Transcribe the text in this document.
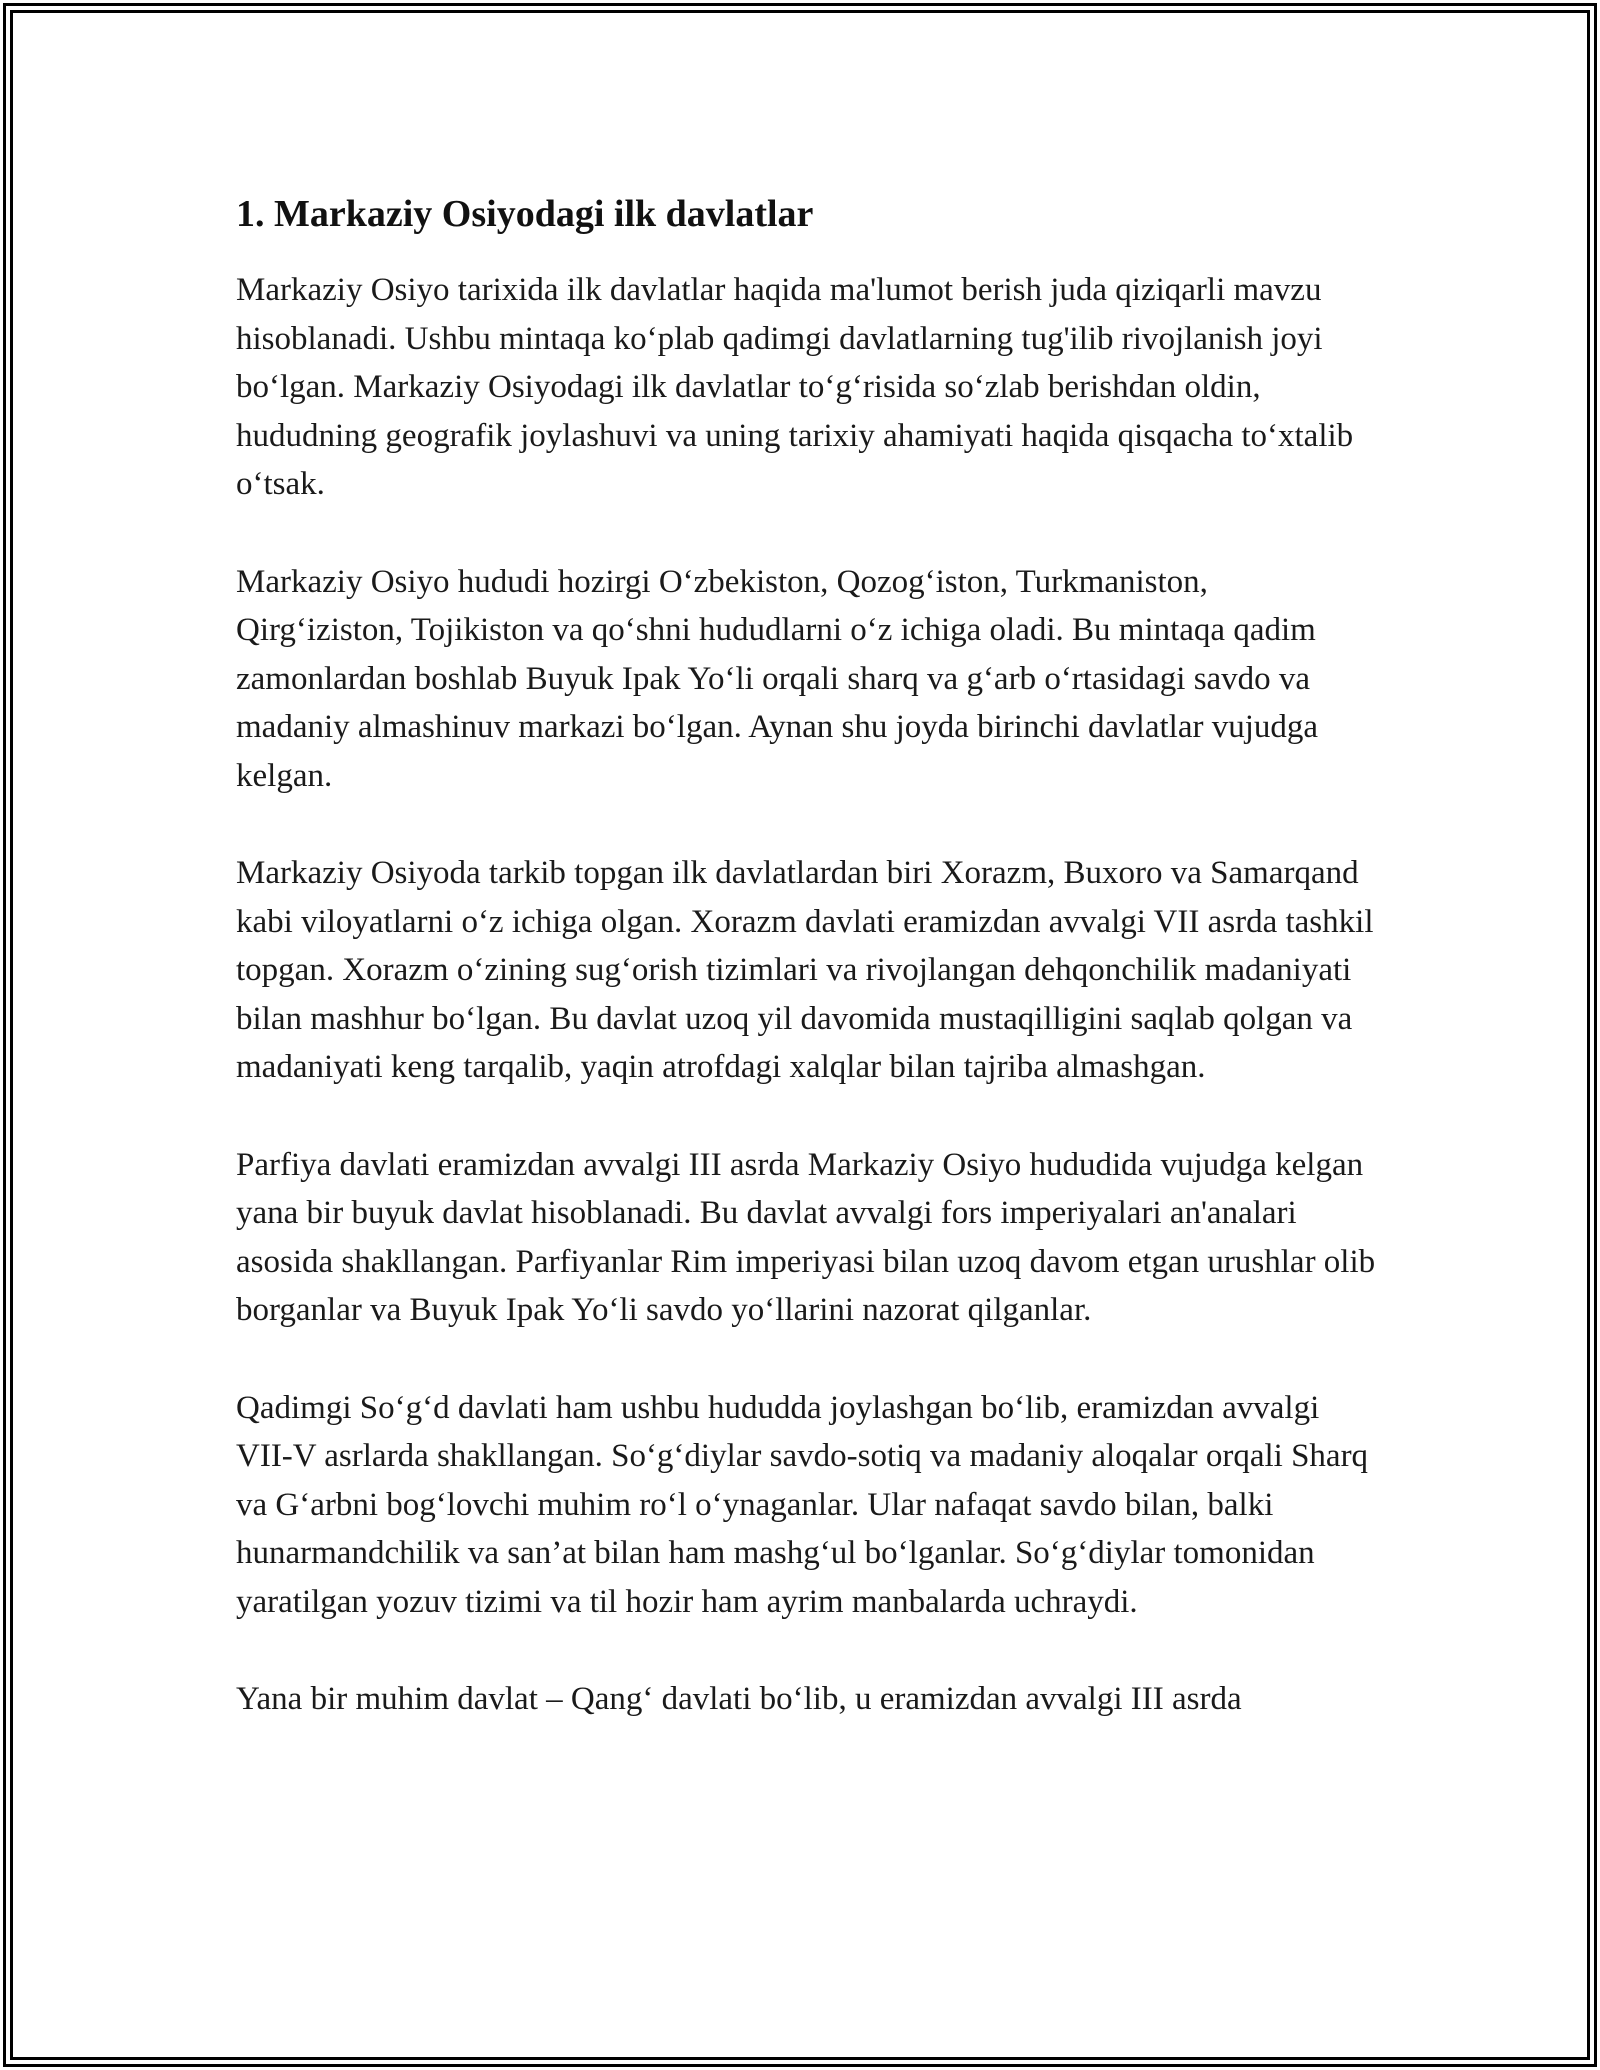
1. Markaziy Osiyodagi ilk davlatlar

Markaziy Osiyo tarixida ilk davlatlar haqida ma'lumot berish juda qiziqarli mavzu hisoblanadi. Ushbu mintaqa ko‘plab qadimgi davlatlarning tug'ilib rivojlanish joyi bo‘lgan. Markaziy Osiyodagi ilk davlatlar to‘g‘risida so‘zlab berishdan oldin, hududning geografik joylashuvi va uning tarixiy ahamiyati haqida qisqacha to‘xtalib o‘tsak.

Markaziy Osiyo hududi hozirgi O‘zbekiston, Qozog‘iston, Turkmaniston, Qirg‘iziston, Tojikiston va qo‘shni hududlarni o‘z ichiga oladi. Bu mintaqa qadim zamonlardan boshlab Buyuk Ipak Yo‘li orqali sharq va g‘arb o‘rtasidagi savdo va madaniy almashinuv markazi bo‘lgan. Aynan shu joyda birinchi davlatlar vujudga kelgan.

Markaziy Osiyoda tarkib topgan ilk davlatlardan biri Xorazm, Buxoro va Samarqand kabi viloyatlarni o‘z ichiga olgan. Xorazm davlati eramizdan avvalgi VII asrda tashkil topgan. Xorazm o‘zining sug‘orish tizimlari va rivojlangan dehqonchilik madaniyati bilan mashhur bo‘lgan. Bu davlat uzoq yil davomida mustaqilligini saqlab qolgan va madaniyati keng tarqalib, yaqin atrofdagi xalqlar bilan tajriba almashgan.

Parfiya davlati eramizdan avvalgi III asrda Markaziy Osiyo hududida vujudga kelgan yana bir buyuk davlat hisoblanadi. Bu davlat avvalgi fors imperiyalari an'analari asosida shakllangan. Parfiyanlar Rim imperiyasi bilan uzoq davom etgan urushlar olib borganlar va Buyuk Ipak Yo‘li savdo yo‘llarini nazorat qilganlar.

Qadimgi So‘g‘d davlati ham ushbu hududda joylashgan bo‘lib, eramizdan avvalgi VII-V asrlarda shakllangan. So‘g‘diylar savdo-sotiq va madaniy aloqalar orqali Sharq va G‘arbni bog‘lovchi muhim ro‘l o‘ynaganlar. Ular nafaqat savdo bilan, balki hunarmandchilik va san’at bilan ham mashg‘ul bo‘lganlar. So‘g‘diylar tomonidan yaratilgan yozuv tizimi va til hozir ham ayrim manbalarda uchraydi.

Yana bir muhim davlat – Qang‘ davlati bo‘lib, u eramizdan avvalgi III asrda
